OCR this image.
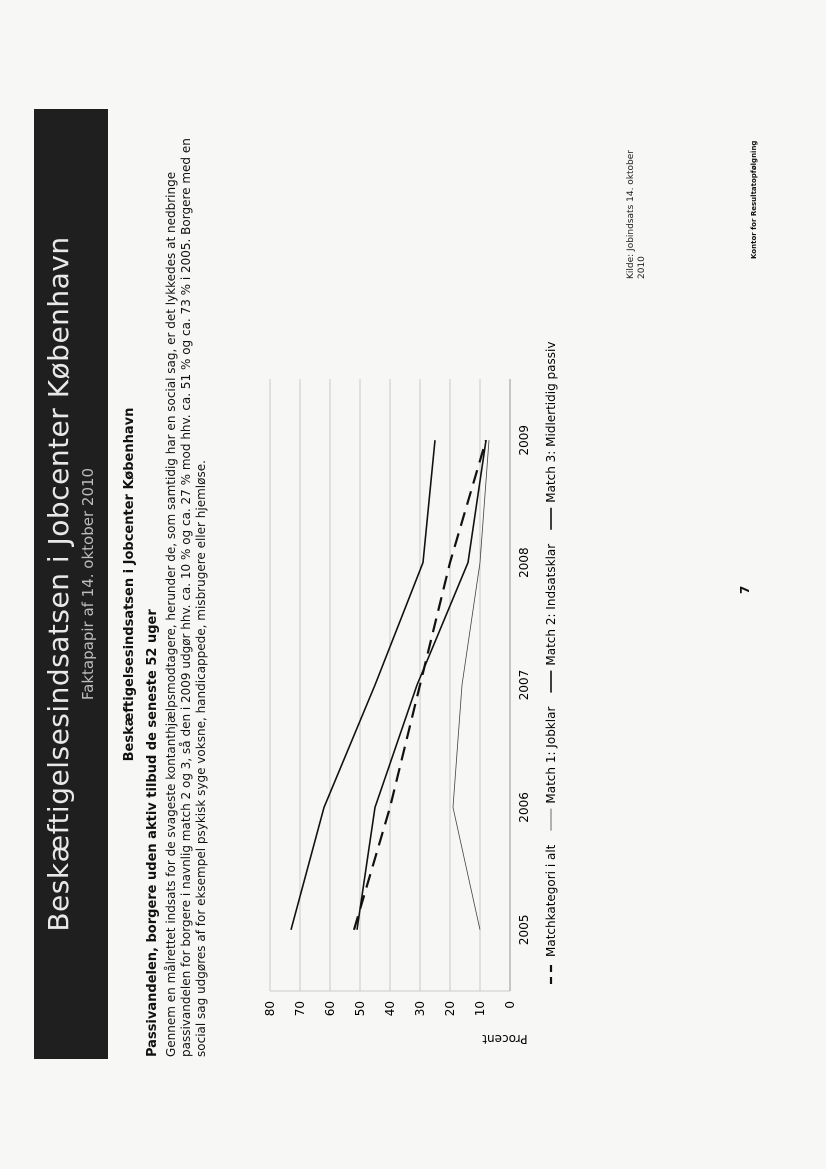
Beskæftigelsesindsatsen i Jobcenter København Faktapapir af 14. oktober 2010 Beskæftigelsesindsatsen i Jobcenter København
Passivandelen, borgere uden aktiv tilbud de seneste 52 uger Gennem en målrettet indsats for de svageste kontanthjælpsmodtagere, herunder de, som samtidig har en social sag, er det lykkedes at nedbringe passivandelen for borgere i navnlig match 2 og 3, så den i 2009 udgør hhv. ca. 10 % og ca. 27 % mod hhv. ca. 51 % og ca. 73 % i 2005. Borgere med en social sag udgøres af for eksempel psykisk syge voksne, handicappede, misbrugere eller hjemløse.	0
10
20
30
40
50
60
70
80
2005
2006
2007
2008
2009
Matchkategori i alt
Match 1: Jobklar
Match 2: Indsatsklar
Match 3: Midlertidig passiv
Procent
Kilde: Jobindsats 14. oktober 2010
7
Kontor for Resultatopfølgning
